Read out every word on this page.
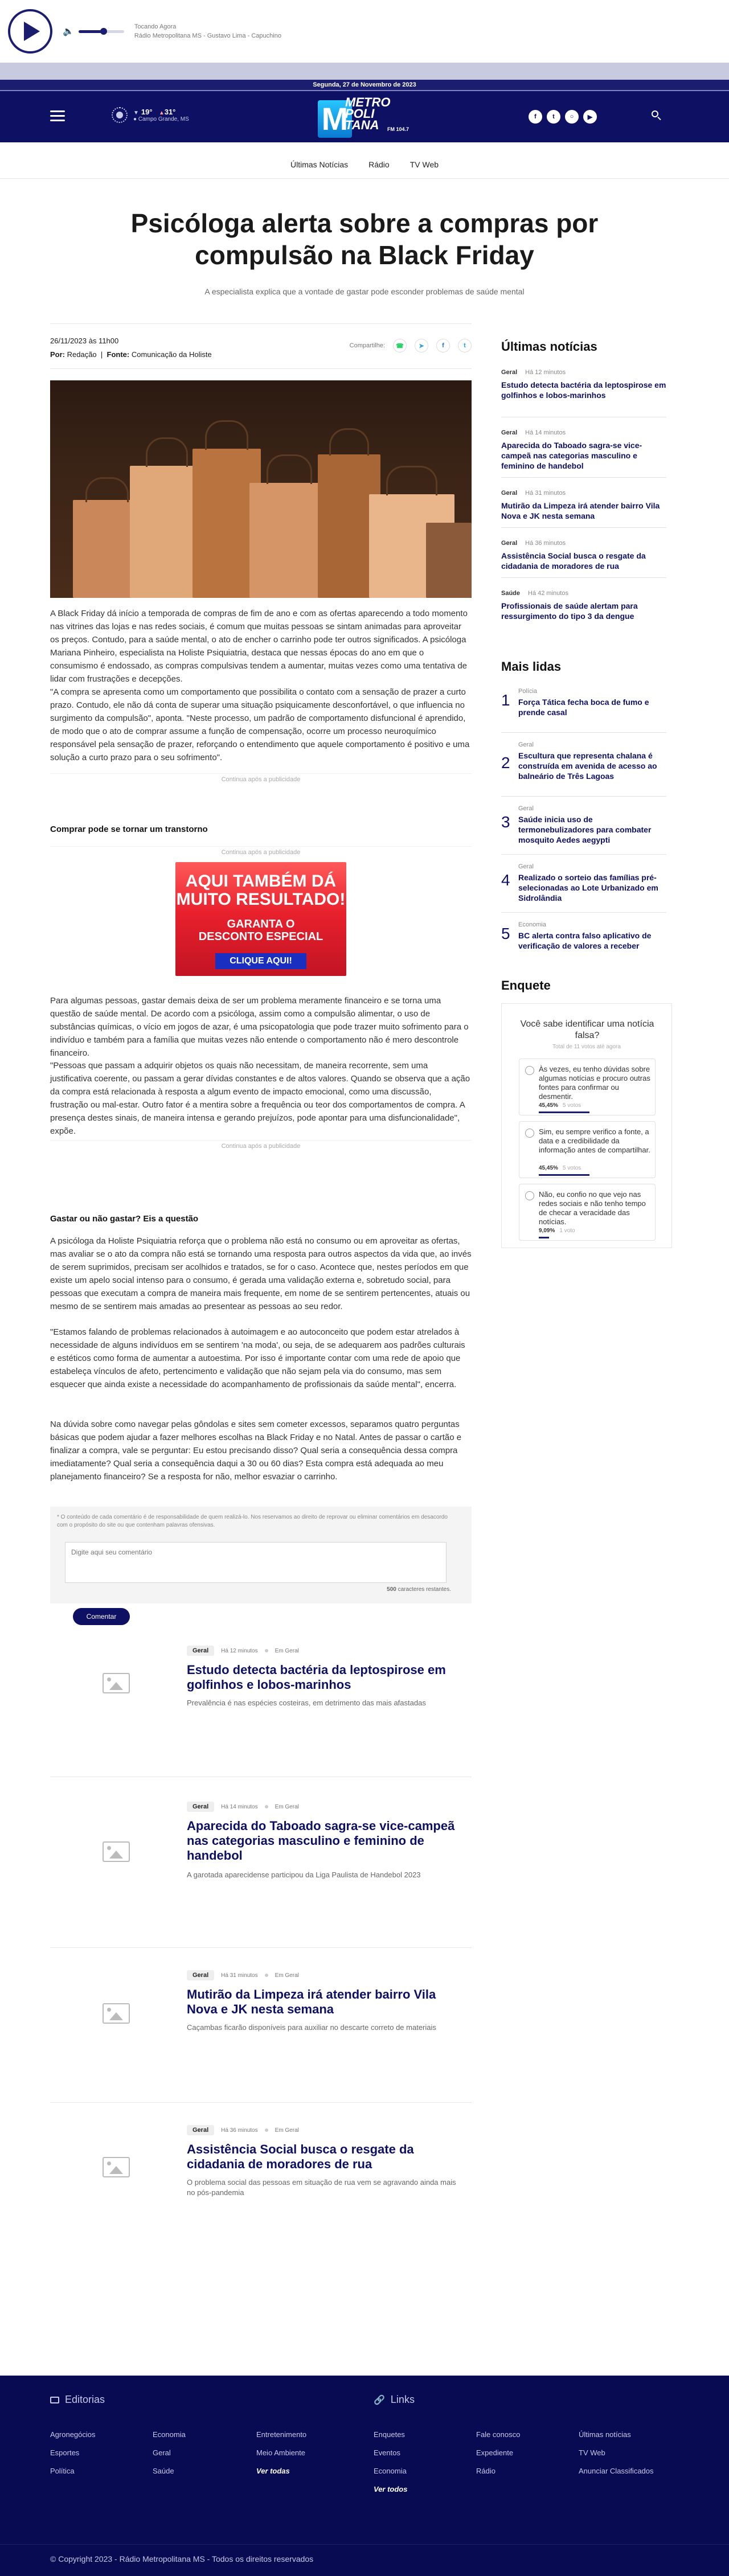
🔈	Tocando Agora
Rádio Metropolitana MS - Gustavo Lima - Capuchino
Segunda, 27 de Novembro de 2023
▼ 19° ▲31°
● Campo Grande, MS	M
METRO
POLI
TANA	FM 104.7
f	t	○	▶
Últimas Notícias	Rádio	TV Web
Psicóloga alerta sobre a compras por compulsão na Black Friday
A especialista explica que a vontade de gastar pode esconder problemas de saúde mental
26/11/2023 às 11h00
Por: Redação  |  Fonte: Comunicação da Holiste
Compartilhe:	☎	➤	f	t

A Black Friday dá início a temporada de compras de fim de ano e com as ofertas aparecendo a todo momento nas vitrines das lojas e nas redes sociais, é comum que muitas pessoas se sintam animadas para aproveitar os preços. Contudo, para a saúde mental, o ato de encher o carrinho pode ter outros significados. A psicóloga Mariana Pinheiro, especialista na Holiste Psiquiatria, destaca que nessas épocas do ano em que o consumismo é endossado, as compras compulsivas tendem a aumentar, muitas vezes como uma tentativa de lidar com frustrações e decepções.

"A compra se apresenta como um comportamento que possibilita o contato com a sensação de prazer a curto prazo. Contudo, ele não dá conta de superar uma situação psiquicamente desconfortável, o que influencia no surgimento da compulsão", aponta. "Neste processo, um padrão de comportamento disfuncional é aprendido, de modo que o ato de comprar assume a função de compensação, ocorre um processo neuroquímico responsável pela sensação de prazer, reforçando o entendimento que aquele comportamento é positivo e uma solução a curto prazo para o seu sofrimento".

Continua após a publicidade
Comprar pode se tornar um transtorno
Continua após a publicidade
AQUI TAMBÉM DÁ
MUITO RESULTADO!
GARANTA O
DESCONTO ESPECIAL
CLIQUE AQUI!

Para algumas pessoas, gastar demais deixa de ser um problema meramente financeiro e se torna uma questão de saúde mental. De acordo com a psicóloga, assim como a compulsão alimentar, o uso de substâncias químicas, o vício em jogos de azar, é uma psicopatologia que pode trazer muito sofrimento para o indivíduo e também para a família que muitas vezes não entende o comportamento não é mero descontrole financeiro.

"Pessoas que passam a adquirir objetos os quais não necessitam, de maneira recorrente, sem uma justificativa coerente, ou passam a gerar dívidas constantes e de altos valores. Quando se observa que a ação da compra está relacionada à resposta a algum evento de impacto emocional, como uma discussão, frustração ou mal-estar. Outro fator é a mentira sobre a frequência ou teor dos comportamentos de compra. A presença destes sinais, de maneira intensa e gerando prejuízos, pode apontar para uma disfuncionalidade", expõe.

Continua após a publicidade
Gastar ou não gastar? Eis a questão

A psicóloga da Holiste Psiquiatria reforça que o problema não está no consumo ou em aproveitar as ofertas, mas avaliar se o ato da compra não está se tornando uma resposta para outros aspectos da vida que, ao invés de serem suprimidos, precisam ser acolhidos e tratados, se for o caso. Acontece que, nestes períodos em que existe um apelo social intenso para o consumo, é gerada uma validação externa e, sobretudo social, para pessoas que executam a compra de maneira mais frequente, em nome de se sentirem pertencentes, atuais ou mesmo de se sentirem mais amadas ao presentear as pessoas ao seu redor.

"Estamos falando de problemas relacionados à autoimagem e ao autoconceito que podem estar atrelados à necessidade de alguns indivíduos em se sentirem 'na moda', ou seja, de se adequarem aos padrões culturais e estéticos como forma de aumentar a autoestima. Por isso é importante contar com uma rede de apoio que estabeleça vínculos de afeto, pertencimento e validação que não sejam pela via do consumo, mas sem esquecer que ainda existe a necessidade do acompanhamento de profissionais da saúde mental", encerra.

Na dúvida sobre como navegar pelas gôndolas e sites sem cometer excessos, separamos quatro perguntas básicas que podem ajudar a fazer melhores escolhas na Black Friday e no Natal. Antes de passar o cartão e finalizar a compra, vale se perguntar: Eu estou precisando disso? Qual seria a consequência dessa compra imediatamente? Qual seria a consequência daqui a 30 ou 60 dias? Esta compra está adequada ao meu planejamento financeiro? Se a resposta for não, melhor esvaziar o carrinho.

* O conteúdo de cada comentário é de responsabilidade de quem realizá-lo. Nos reservamos ao direito de reprovar ou eliminar comentários em desacordo com o propósito do site ou que contenham palavras ofensivas.
Digite aqui seu comentário
500 caracteres restantes.
Comentar
Geral	Há 12 minutos	Em Geral
Estudo detecta bactéria da leptospirose em golfinhos e lobos-marinhos
Prevalência é nas espécies costeiras, em detrimento das mais afastadas
Geral	Há 14 minutos	Em Geral
Aparecida do Taboado sagra-se vice-campeã nas categorias masculino e feminino de handebol
A garotada aparecidense participou da Liga Paulista de Handebol 2023
Geral	Há 31 minutos	Em Geral
Mutirão da Limpeza irá atender bairro Vila Nova e JK nesta semana
Caçambas ficarão disponíveis para auxiliar no descarte correto de materiais
Geral	Há 36 minutos	Em Geral
Assistência Social busca o resgate da cidadania de moradores de rua
O problema social das pessoas em situação de rua vem se agravando ainda mais no pós-pandemia
Últimas notícias
Geral Há 12 minutos
Estudo detecta bactéria da leptospirose em golfinhos e lobos-marinhos
Geral Há 14 minutos
Aparecida do Taboado sagra-se vice-campeã nas categorias masculino e feminino de handebol
Geral Há 31 minutos
Mutirão da Limpeza irá atender bairro Vila Nova e JK nesta semana
Geral Há 36 minutos
Assistência Social busca o resgate da cidadania de moradores de rua
Saúde Há 42 minutos
Profissionais de saúde alertam para ressurgimento do tipo 3 da dengue
Mais lidas
1 Polícia
Força Tática fecha boca de fumo e prende casal
2
Geral
Escultura que representa chalana é construída em avenida de acesso ao balneário de Três Lagoas
3
Geral
Saúde inicia uso de termonebulizadores para combater mosquito Aedes aegypti
4
Geral
Realizado o sorteio das famílias pré-selecionadas ao Lote Urbanizado em Sidrolândia
5 Economia
BC alerta contra falso aplicativo de verificação de valores a receber
Enquete
Você sabe identificar uma notícia falsa?
Total de 11 votos até agora
Às vezes, eu tenho dúvidas sobre algumas notícias e procuro outras fontes para confirmar ou desmentir.
45,45% 5 votos
Sim, eu sempre verifico a fonte, a data e a credibilidade da informação antes de compartilhar.
45,45% 5 votos
Não, eu confio no que vejo nas redes sociais e não tenho tempo de checar a veracidade das notícias.
9,09% 1 voto
Editorias	🔗 Links
Agronegócios	Economia	Entretenimento
Esportes	Geral	Meio Ambiente
Política	Saúde	Ver todas
Enquetes	Fale conosco	Últimas notícias
Eventos	Expediente	TV Web
Economia	Rádio	Anunciar Classificados
Ver todos
© Copyright 2023 - Rádio Metropolitana MS - Todos os direitos reservados
